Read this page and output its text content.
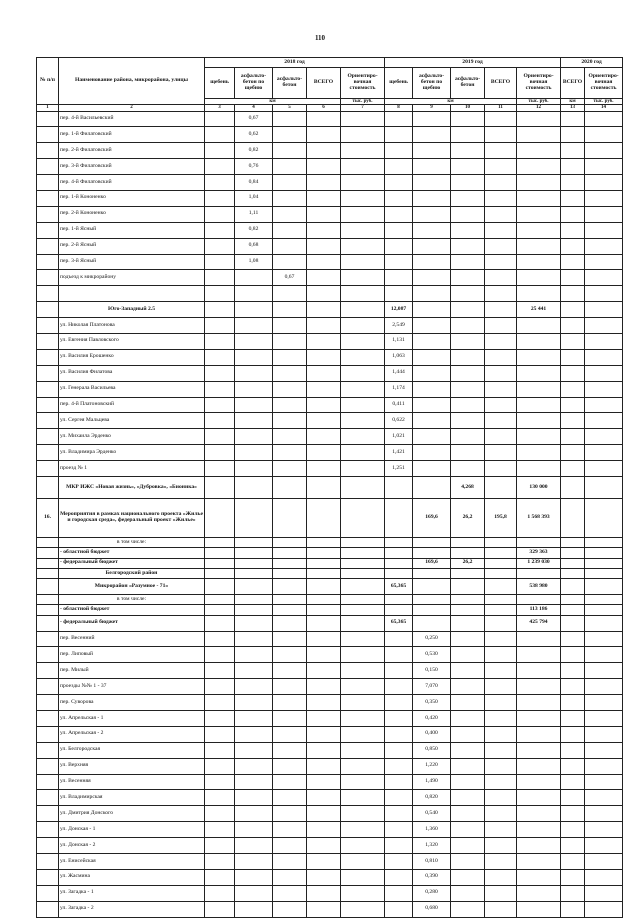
110
№ п/п	Наименование района, микрорайона, улицы	2018 год					2019 год					2020 год	
		щебень	асфальто-бетон по щебню	асфальто-бетон	ВСЕГО	Ориентиро-вочная стоимость	щебень	асфальто-бетон по щебню	асфальто-бетон	ВСЕГО	Ориентиро-вочная стоимость	ВСЕГО	Ориентиро-вочная стоимость
		км				тыс. руб.	км				тыс. руб.	км	тыс. руб.
1	2	3	4	5	6	7	8	9	10	11	12	13	14
	пер. 4-й Васильевский		0,67										
	пер. 1-й Филатовский		0,62										
	пер. 2-й Филатовский		0,82										
	пер. 3-й Филатовский		0,76										
	пер. 4-й Филатовский		0,84										
	пер. 1-й Кононенко		1,04										
	пер. 2-й Кононенко		1,11										
	пер. 1-й Ясный		0,82										
	пер. 2-й Ясный		0,68										
	пер. 3-й Ясный		1,08										
	подъезд к микрорайону			0,67									

	Юго-Западный 2.5						12,087				25 441		
	ул. Николая Платонова						2,549						
	ул. Евгения Павловского						1,131						
	ул. Василия Ерошенко						1,063						
	ул. Василия Филатова						1,444						
	ул. Генерала Васильева						1,174						
	пер. 4-й Платоновский						0,411						
	ул. Сергея Мальцева						0,622						
	ул. Михаила Эрденко						1,021						
	ул. Владимира Эрденко						1,421						
	проезд № 1						1,251						
	МКР ИЖС «Новая жизнь», «Дубровка», «Бионика»								4,268		130 000		
16.	Мероприятия в рамках национального проекта «Жилье и городская среда», федеральный проект «Жилье»							169,6	26,2	195,8	1 568 393		
	в том числе:												
	- областной бюджет										329 363		
	- федеральный бюджет							169,6	26,2		1 239 030		
	Белгородский район												
	Микрорайон «Разумное - 71»						65,365				538 980		
	в том числе:												
	- областной бюджет										113 186		
	- федеральный бюджет						65,365				425 794		
	пер. Весенний							0,250					
	пер. Липовый							0,530					
	пер. Милый							0,150					
	проезды №№ 1 - 37							7,070					
	пер. Суворова							0,350					
	ул. Апрельская - 1							0,420					
	ул. Апрельская - 2							0,400					
	ул. Белгородская							0,850					
	ул. Верхняя							1,220					
	ул. Весенняя							1,490					
	ул. Владимирская							0,820					
	ул. Дмитрия Донского							0,540					
	ул. Донская - 1							1,360					
	ул. Донская - 2							1,320					
	ул. Енисейская							0,810					
	ул. Жасмина							0,390					
	ул. Загадка - 1							0,280					
	ул. Загадка - 2							0,680					
